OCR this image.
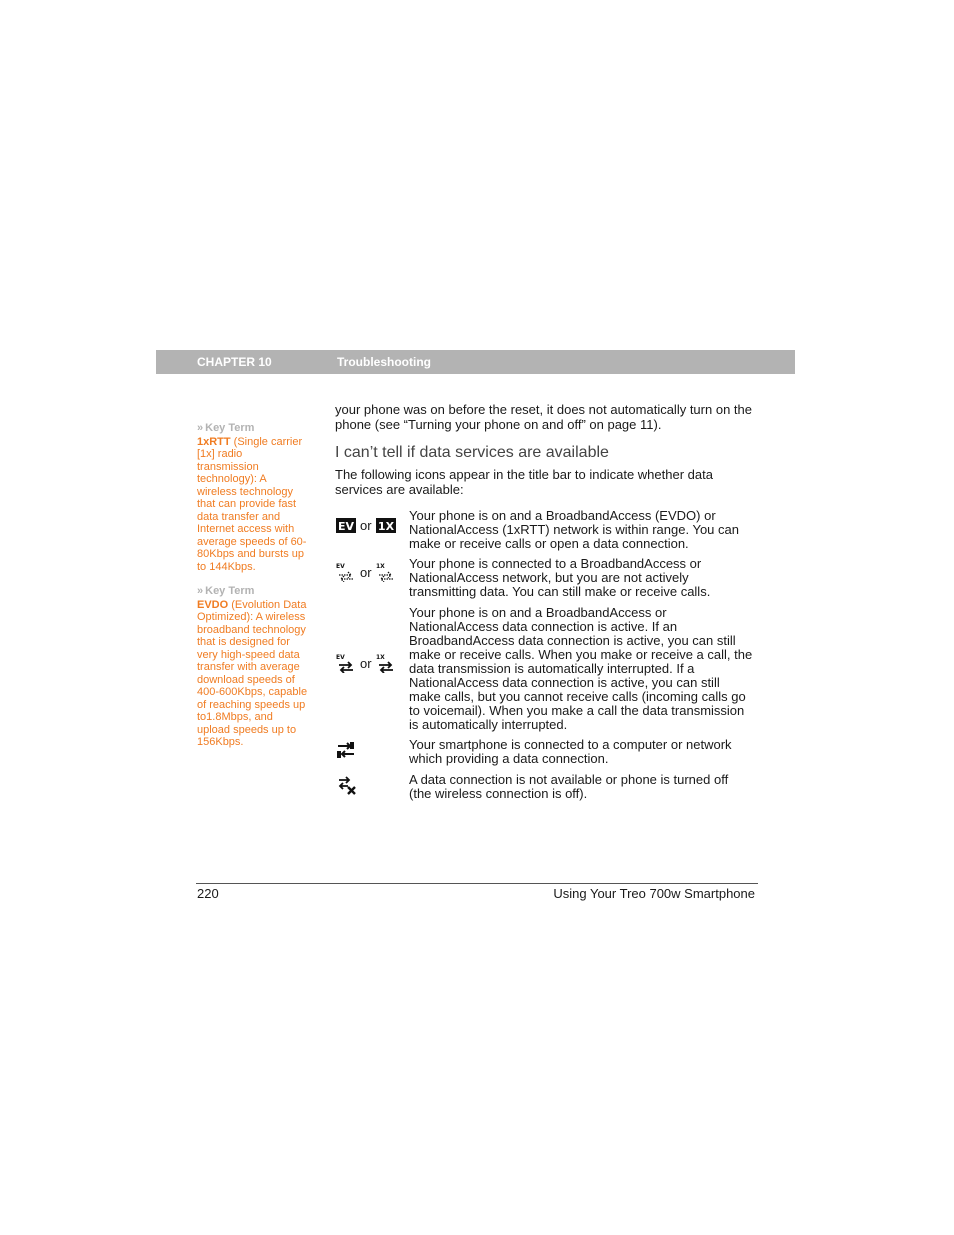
CHAPTER 10	Troubleshooting
» Key Term
1xRTT (Single carrier
[1x] radio
transmission
technology): A
wireless technology
that can provide fast
data transfer and
Internet access with
average speeds of 60-
80Kbps and bursts up
to 144Kbps.
» Key Term
EVDO (Evolution Data
Optimized): A wireless
broadband technology
that is designed for
very high-speed data
transfer with average
download speeds of
400-600Kbps, capable
of reaching speeds up
to1.8Mbps, and
upload speeds up to
156Kbps.
your phone was on before the reset, it does not automatically turn on the phone (see “Turning your phone on and off” on page 11).
I can’t tell if data services are available
The following icons appear in the title bar to indicate whether data services are available:
EV or 1X
Your phone is on and a BroadbandAccess (EVDO) or NationalAccess (1xRTT) network is within range. You can make or receive calls or open a data connection.
EV or 1X Your phone is connected to a BroadbandAccess or NationalAccess network, but you are not actively transmitting data. You can still make or receive calls.
EV or 1X
Your phone is on and a BroadbandAccess or NationalAccess data connection is active. If an BroadbandAccess data connection is active, you can still make or receive calls. When you make or receive a call, the data transmission is automatically interrupted. If a NationalAccess data connection is active, you can still make calls, but you cannot receive calls (incoming calls go to voicemail). When you make a call the data transmission is automatically interrupted.
Your smartphone is connected to a computer or network which providing a data connection.
A data connection is not available or phone is turned off (the wireless connection is off).
220	Using Your Treo 700w Smartphone
